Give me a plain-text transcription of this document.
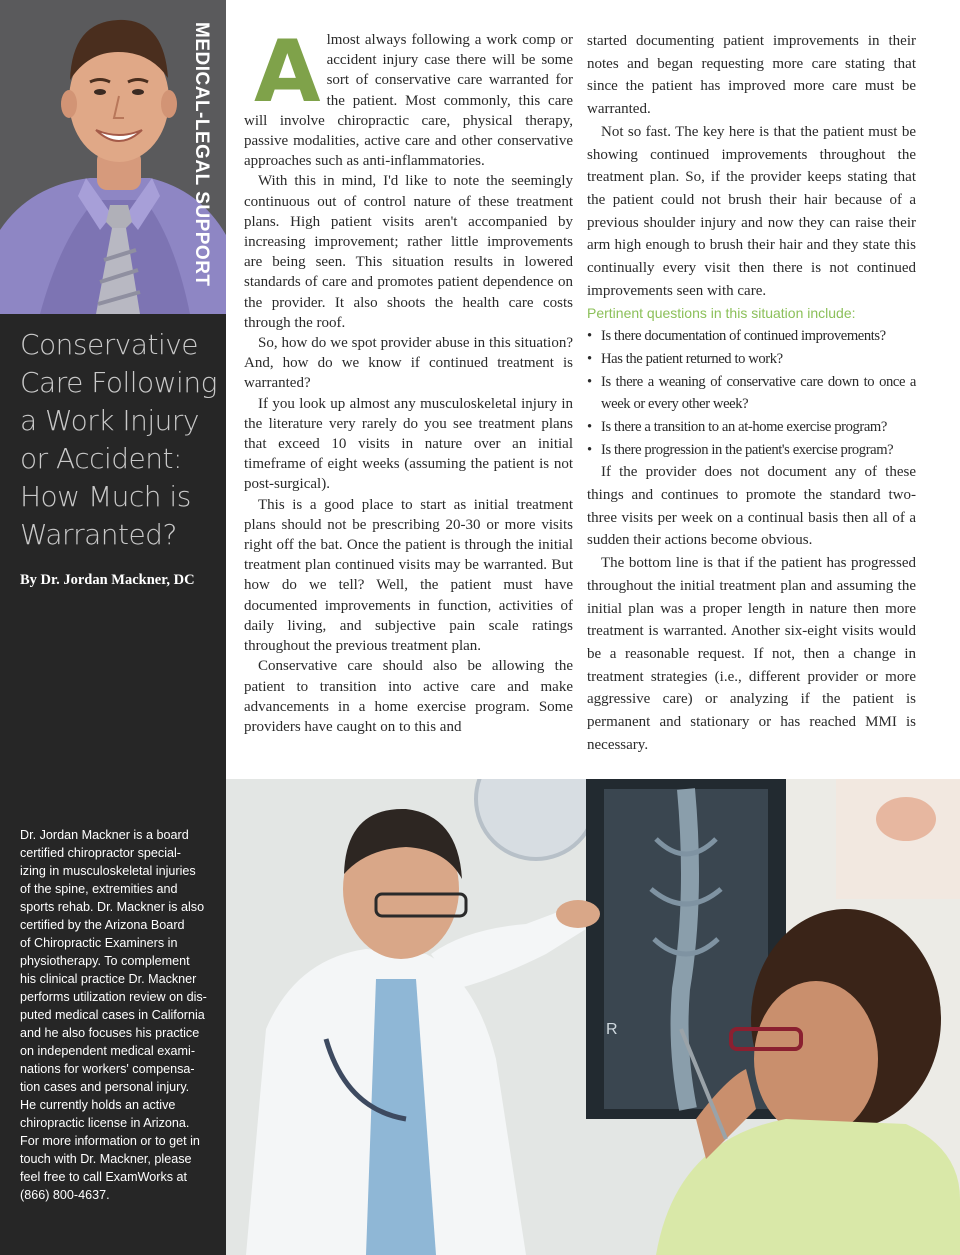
MEDICAL-LEGAL SUPPORT
Conservative
Care Following
a Work Injury
or Accident:
How Much is
Warranted?
By Dr. Jordan Mackner, DC

Dr. Jordan Mackner is a board
certified chiropractor special-
izing in musculoskeletal injuries
of the spine, extremities and
sports rehab. Dr. Mackner is also
certified by the Arizona Board
of Chiropractic Examiners in
physiotherapy. To complement
his clinical practice Dr. Mackner
performs utilization review on dis-
puted medical cases in California
and he also focuses his practice
on independent medical exami-
nations for workers' compensa-
tion cases and personal injury.
He currently holds an active
chiropractic license in Arizona.
For more information or to get in
touch with Dr. Mackner, please
feel free to call ExamWorks at
(866) 800-4637.

A lmost always following a work comp or accident injury case there will be some sort of conservative care warranted for the patient. Most commonly, this care will involve chiropractic care, physical therapy, passive modalities, active care and other conservative approaches such as anti-inflammatories.

With this in mind, I'd like to note the seemingly continuous out of control nature of these treatment plans. High patient visits aren't accompanied by increasing improvement; rather little improvements are being seen. This situation results in lowered standards of care and promotes patient dependence on the provider. It also shoots the health care costs through the roof.

So, how do we spot provider abuse in this situation? And, how do we know if continued treatment is warranted?

If you look up almost any musculoskeletal injury in the literature very rarely do you see treatment plans that exceed 10 visits in nature over an initial timeframe of eight weeks (assuming the patient is not post-surgical).

This is a good place to start as initial treatment plans should not be prescribing 20-30 or more visits right off the bat. Once the patient is through the initial treatment plan continued visits may be warranted. But how do we tell? Well, the patient must have documented improvements in function, activities of daily living, and subjective pain scale ratings throughout the previous treatment plan.

Conservative care should also be allowing the patient to transition into active care and make advancements in a home exercise program. Some providers have caught on to this and

started documenting patient improvements in their notes and began requesting more care stating that since the patient has improved more care must be warranted.

Not so fast. The key here is that the patient must be showing continued improvements throughout the treatment plan. So, if the provider keeps stating that the patient could not brush their hair because of a previous shoulder injury and now they can raise their arm high enough to brush their hair and they state this continually every visit then there is not continued improvements seen with care.

Pertinent questions in this situation include:

• Is there documentation of continued improvements?
• Has the patient returned to work?
• Is there a weaning of conservative care down to once a week or every other week?
• Is there a transition to an at-home exercise program?
• Is there progression in the patient's exercise program?

If the provider does not document any of these things and continues to promote the standard two-three visits per week on a continual basis then all of a sudden their actions become obvious.

The bottom line is that if the patient has progressed throughout the initial treatment plan and assuming the initial plan was a proper length in nature then more treatment is warranted. Another six-eight visits would be a reasonable request. If not, then a change in treatment strategies (i.e., different provider or more aggressive care) or analyzing if the patient is permanent and stationary or has reached MMI is necessary.

R
